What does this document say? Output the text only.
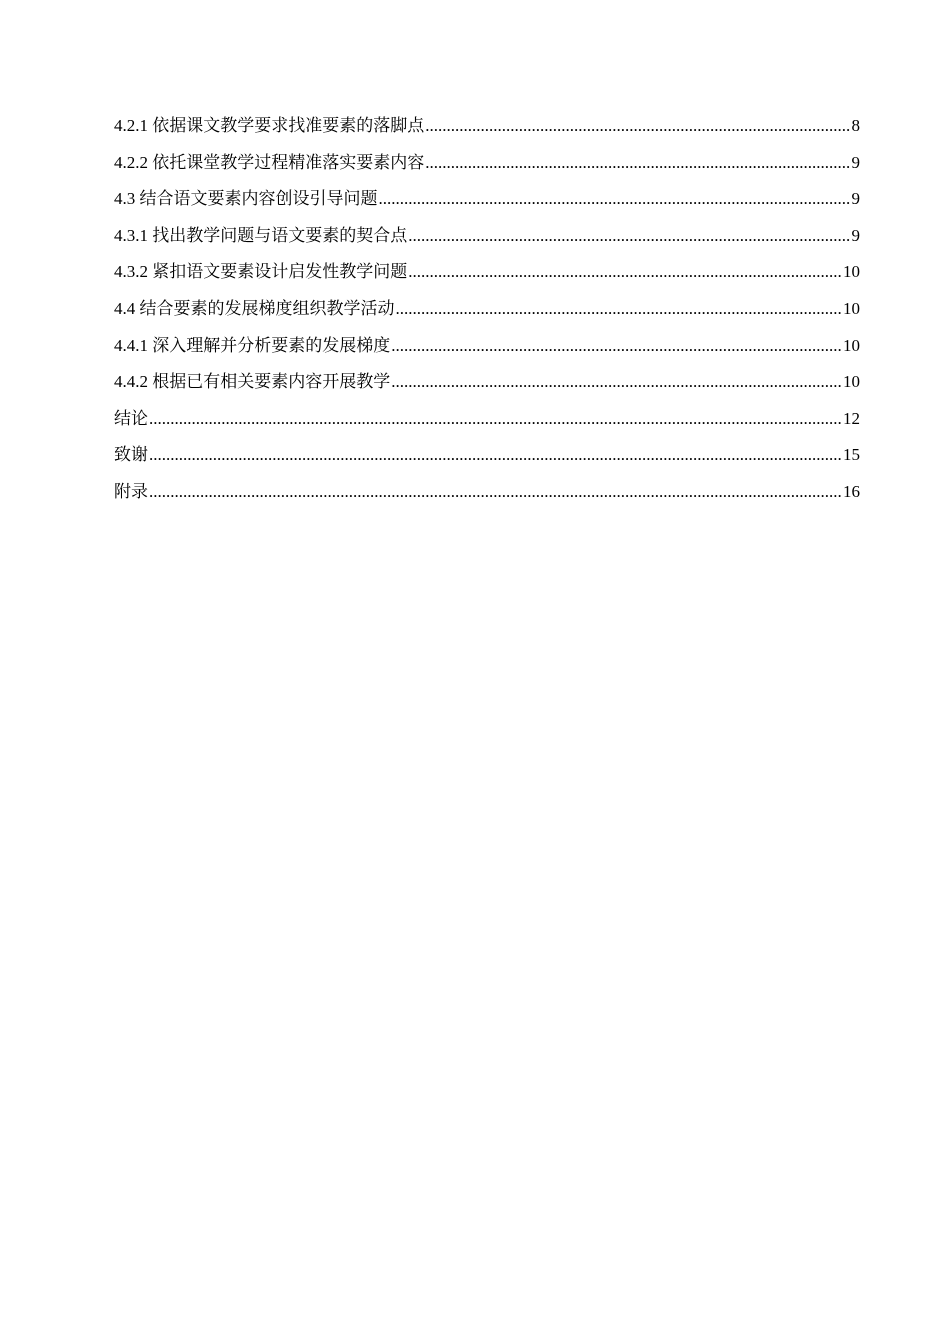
4.2.1 依据课文教学要求找准要素的落脚点 .....	8
4.2.2 依托课堂教学过程精准落实要素内容 .....	9
4.3 结合语文要素内容创设引导问题 .....	9
4.3.1 找出教学问题与语文要素的契合点 .....	9
4.3.2 紧扣语文要素设计启发性教学问题 .....	10
4.4 结合要素的发展梯度组织教学活动 .....	10
4.4.1 深入理解并分析要素的发展梯度 .....	10
4.4.2 根据已有相关要素内容开展教学 .....	10
结论 .....	12
致谢 .....	15
附录 .....	16
